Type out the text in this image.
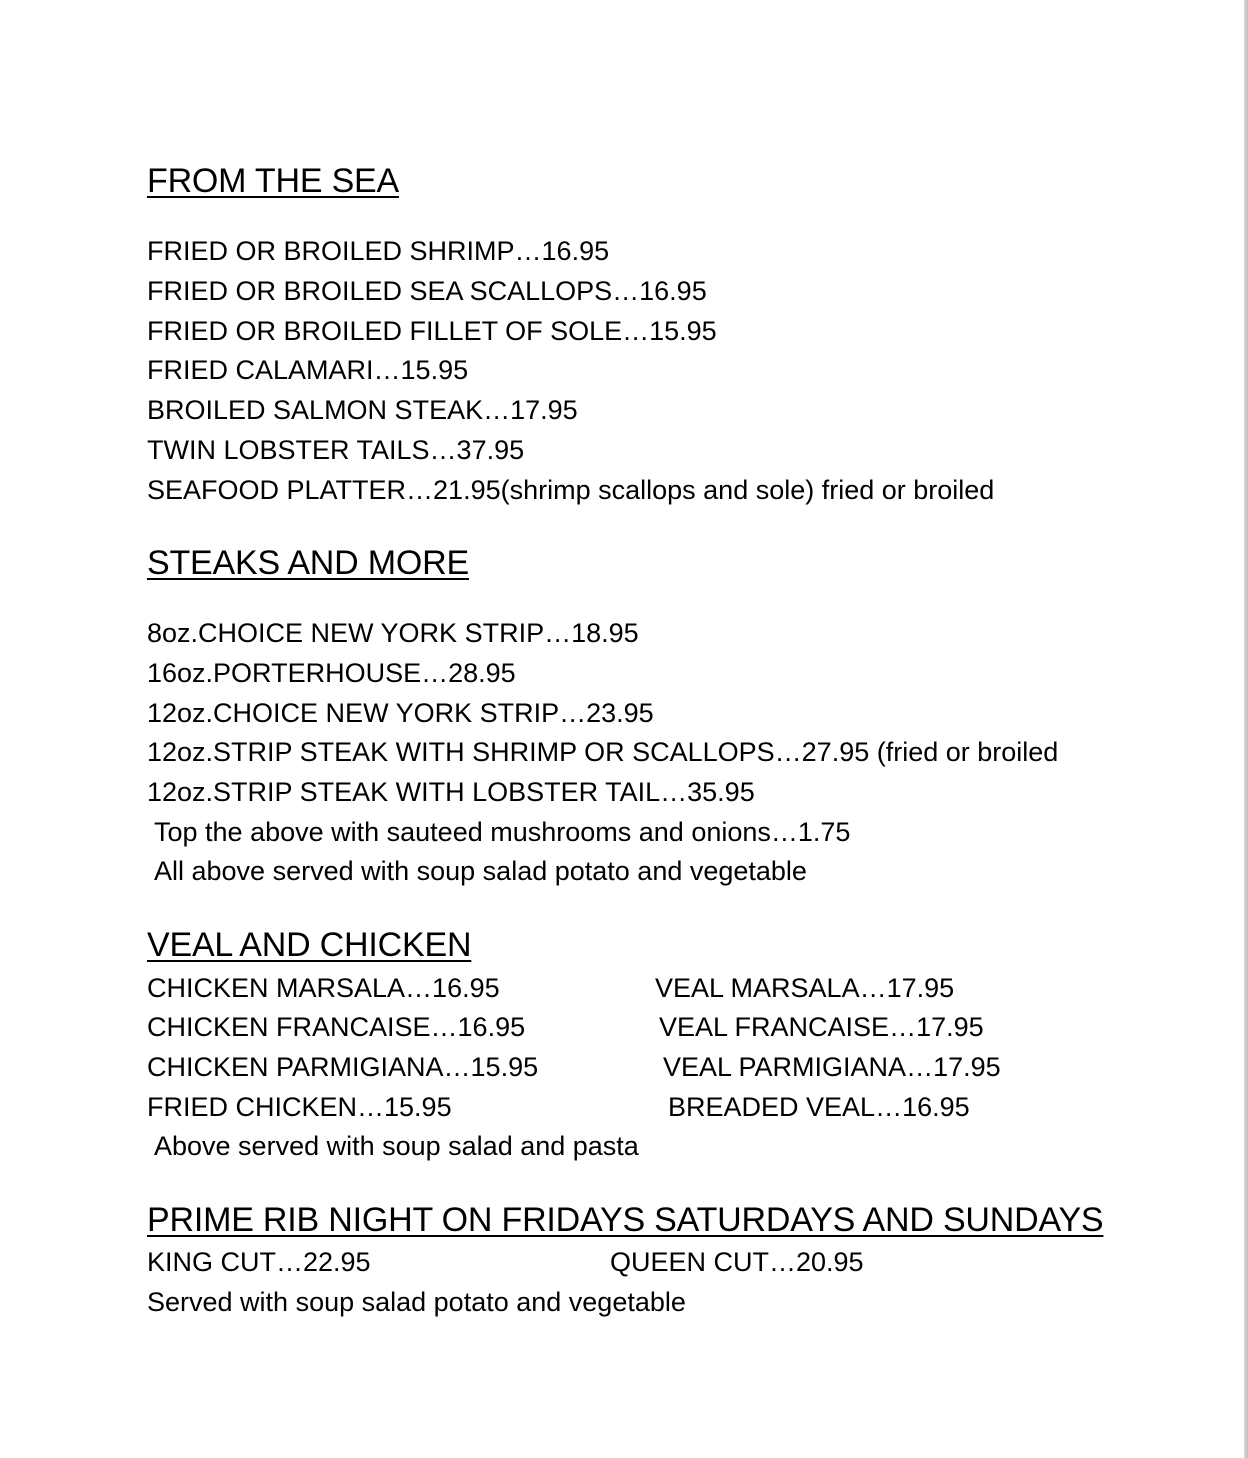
FROM THE SEA
FRIED OR BROILED SHRIMP…16.95
FRIED OR BROILED SEA SCALLOPS…16.95
FRIED OR BROILED FILLET OF SOLE…15.95
FRIED CALAMARI…15.95
BROILED SALMON STEAK…17.95
TWIN LOBSTER TAILS…37.95
SEAFOOD PLATTER…21.95(shrimp scallops and sole) fried or broiled
STEAKS AND MORE
8oz.CHOICE NEW YORK STRIP…18.95
16oz.PORTERHOUSE…28.95
12oz.CHOICE NEW YORK STRIP…23.95
12oz.STRIP STEAK WITH SHRIMP OR SCALLOPS…27.95 (fried or broiled
12oz.STRIP STEAK WITH LOBSTER TAIL…35.95
Top the above with sauteed mushrooms and onions…1.75
All above served with soup salad potato and vegetable
VEAL AND CHICKEN
CHICKEN MARSALA…16.95	VEAL MARSALA…17.95
CHICKEN FRANCAISE…16.95	VEAL FRANCAISE…17.95
CHICKEN PARMIGIANA…15.95	VEAL PARMIGIANA…17.95
FRIED CHICKEN…15.95	BREADED VEAL…16.95
Above served with soup salad and pasta
PRIME RIB NIGHT ON FRIDAYS SATURDAYS AND SUNDAYS
KING CUT…22.95	QUEEN CUT…20.95
Served with soup salad potato and vegetable
